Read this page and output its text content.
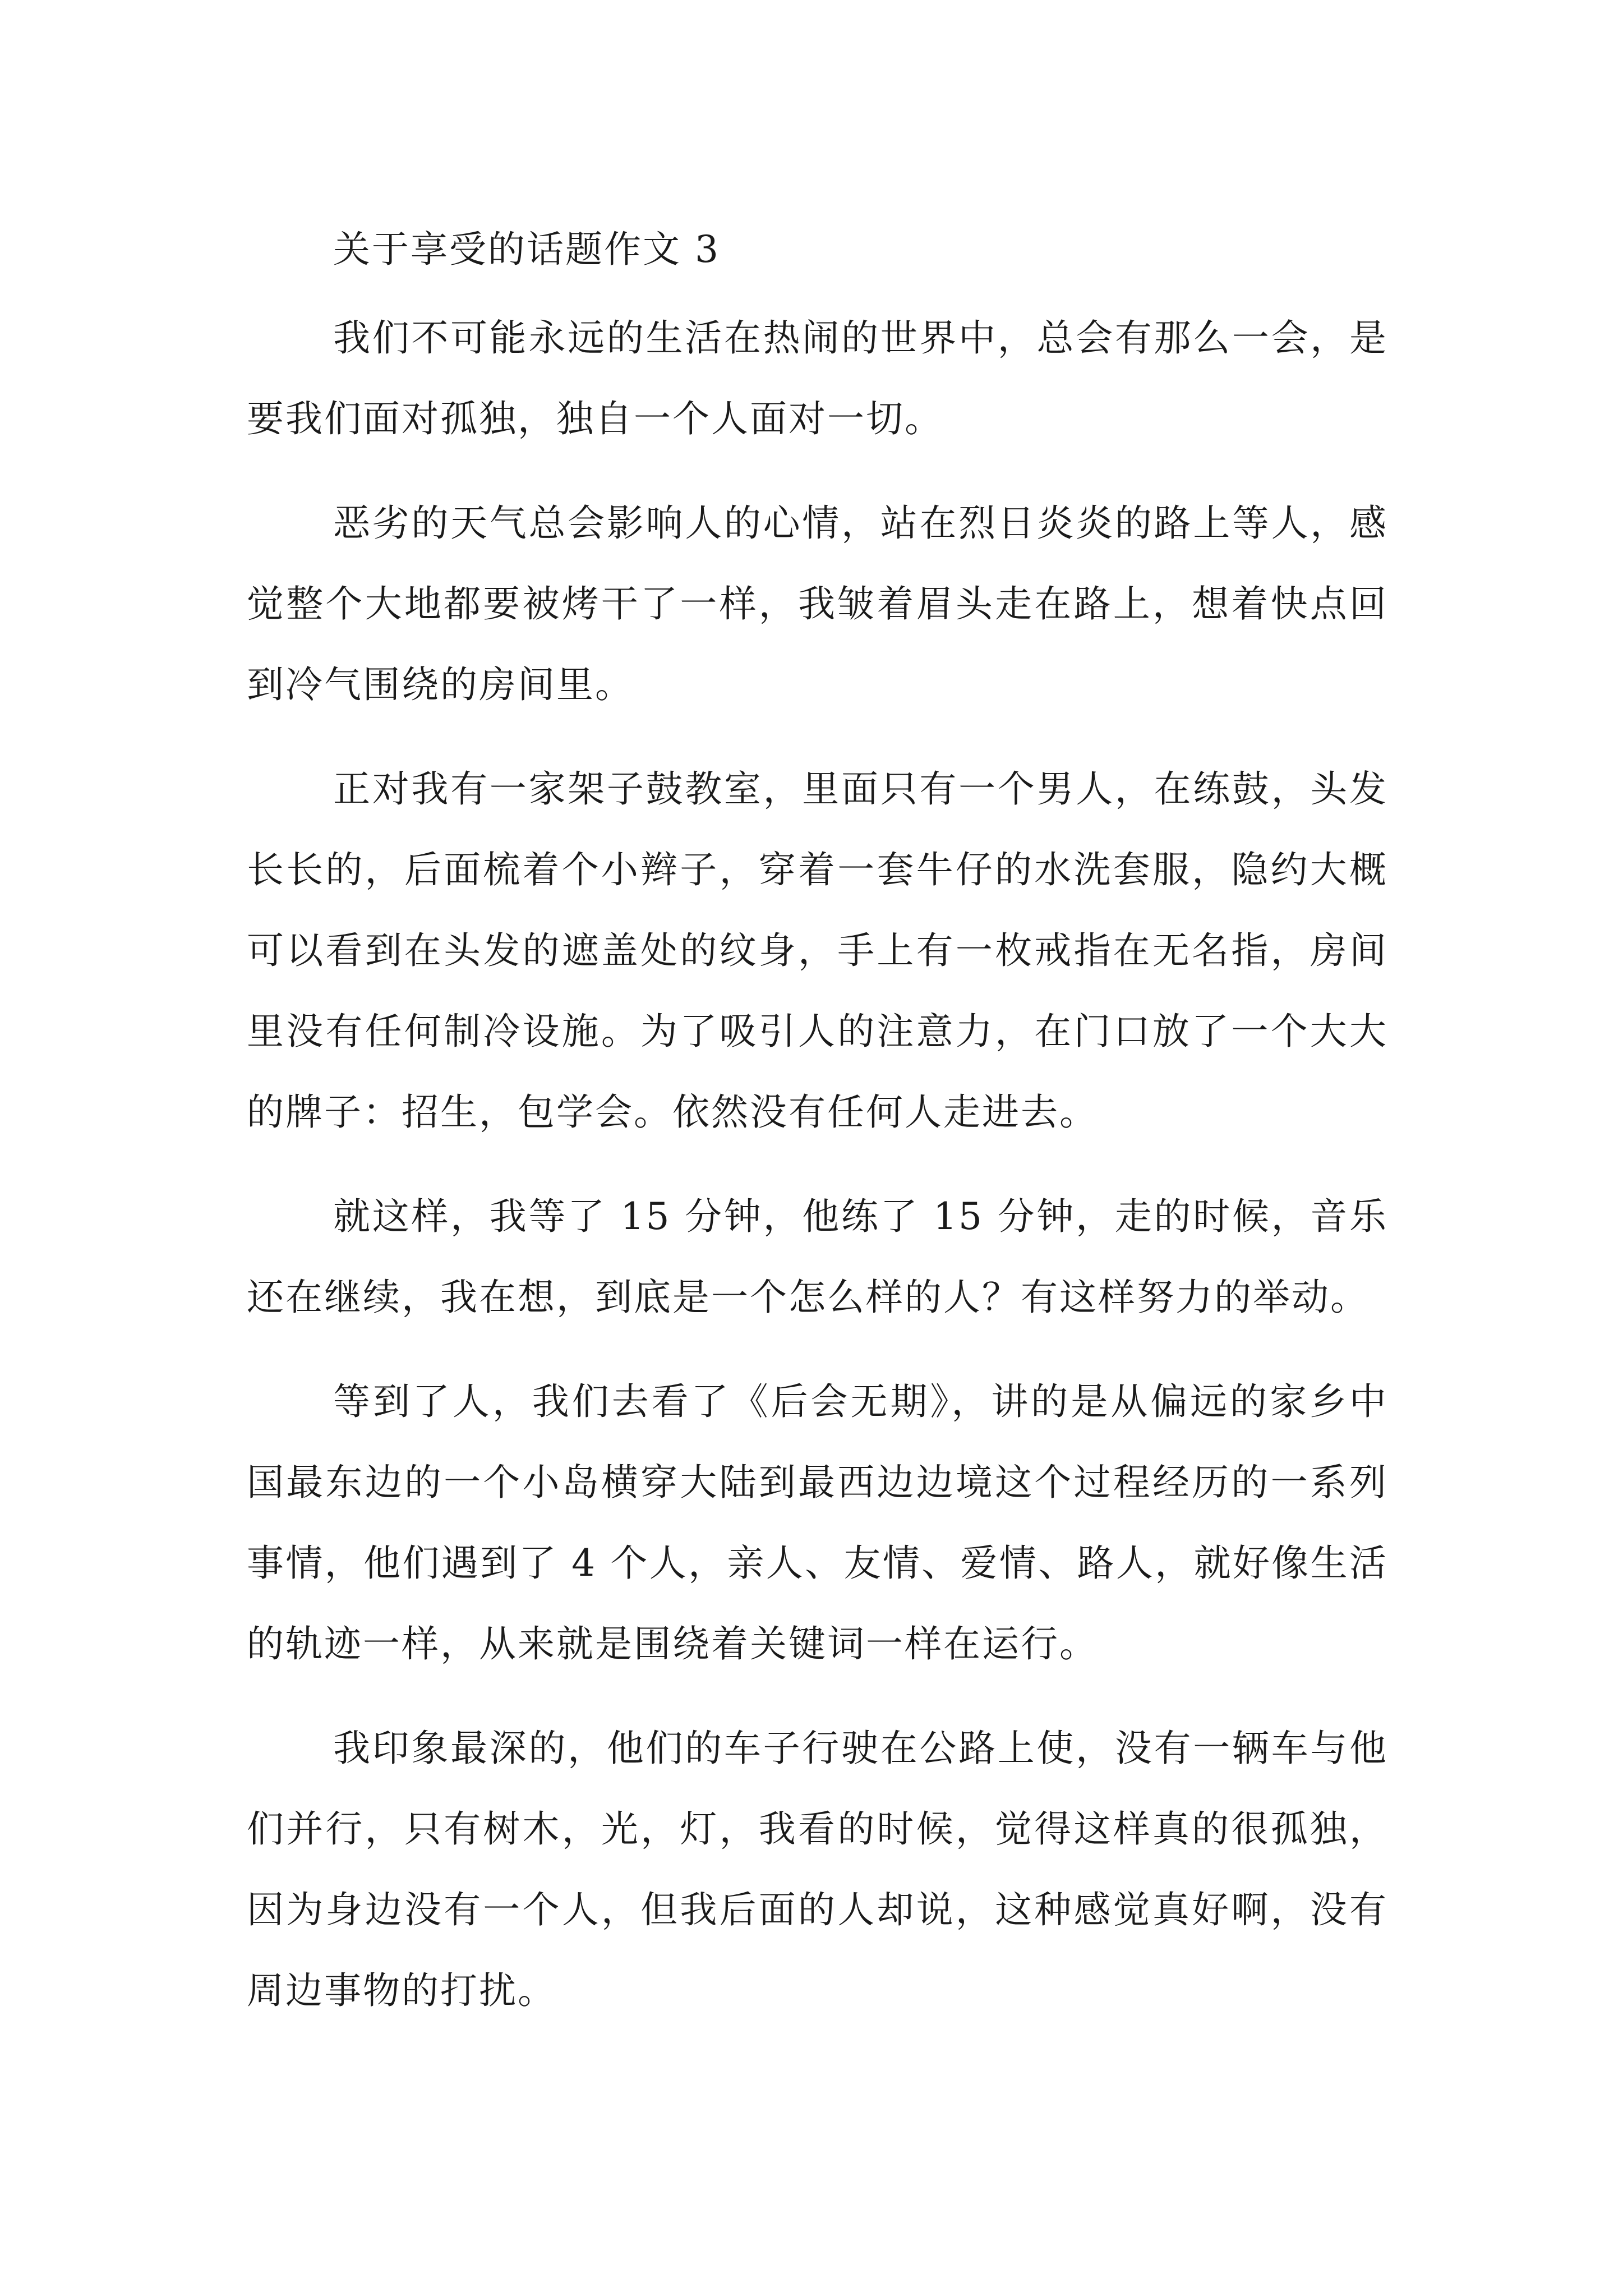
关于享受的话题作文 3

我们不可能永远的生活在热闹的世界中，总会有那么一会，是要我们面对孤独，独自一个人面对一切。

恶劣的天气总会影响人的心情，站在烈日炎炎的路上等人，感觉整个大地都要被烤干了一样，我皱着眉头走在路上，想着快点回到冷气围绕的房间里。

正对我有一家架子鼓教室，里面只有一个男人，在练鼓，头发长长的，后面梳着个小辫子，穿着一套牛仔的水洗套服，隐约大概可以看到在头发的遮盖处的纹身，手上有一枚戒指在无名指，房间里没有任何制冷设施。为了吸引人的注意力，在门口放了一个大大的牌子：招生，包学会。依然没有任何人走进去。

就这样，我等了 15 分钟，他练了 15 分钟，走的时候，音乐还在继续，我在想，到底是一个怎么样的人？有这样努力的举动。

等到了人，我们去看了《后会无期》，讲的是从偏远的家乡中国最东边的一个小岛横穿大陆到最西边边境这个过程经历的一系列事情，他们遇到了 4 个人，亲人、友情、爱情、路人，就好像生活的轨迹一样，从来就是围绕着关键词一样在运行。

我印象最深的，他们的车子行驶在公路上使，没有一辆车与他们并行，只有树木，光，灯，我看的时候，觉得这样真的很孤独，因为身边没有一个人，但我后面的人却说，这种感觉真好啊，没有周边事物的打扰。
